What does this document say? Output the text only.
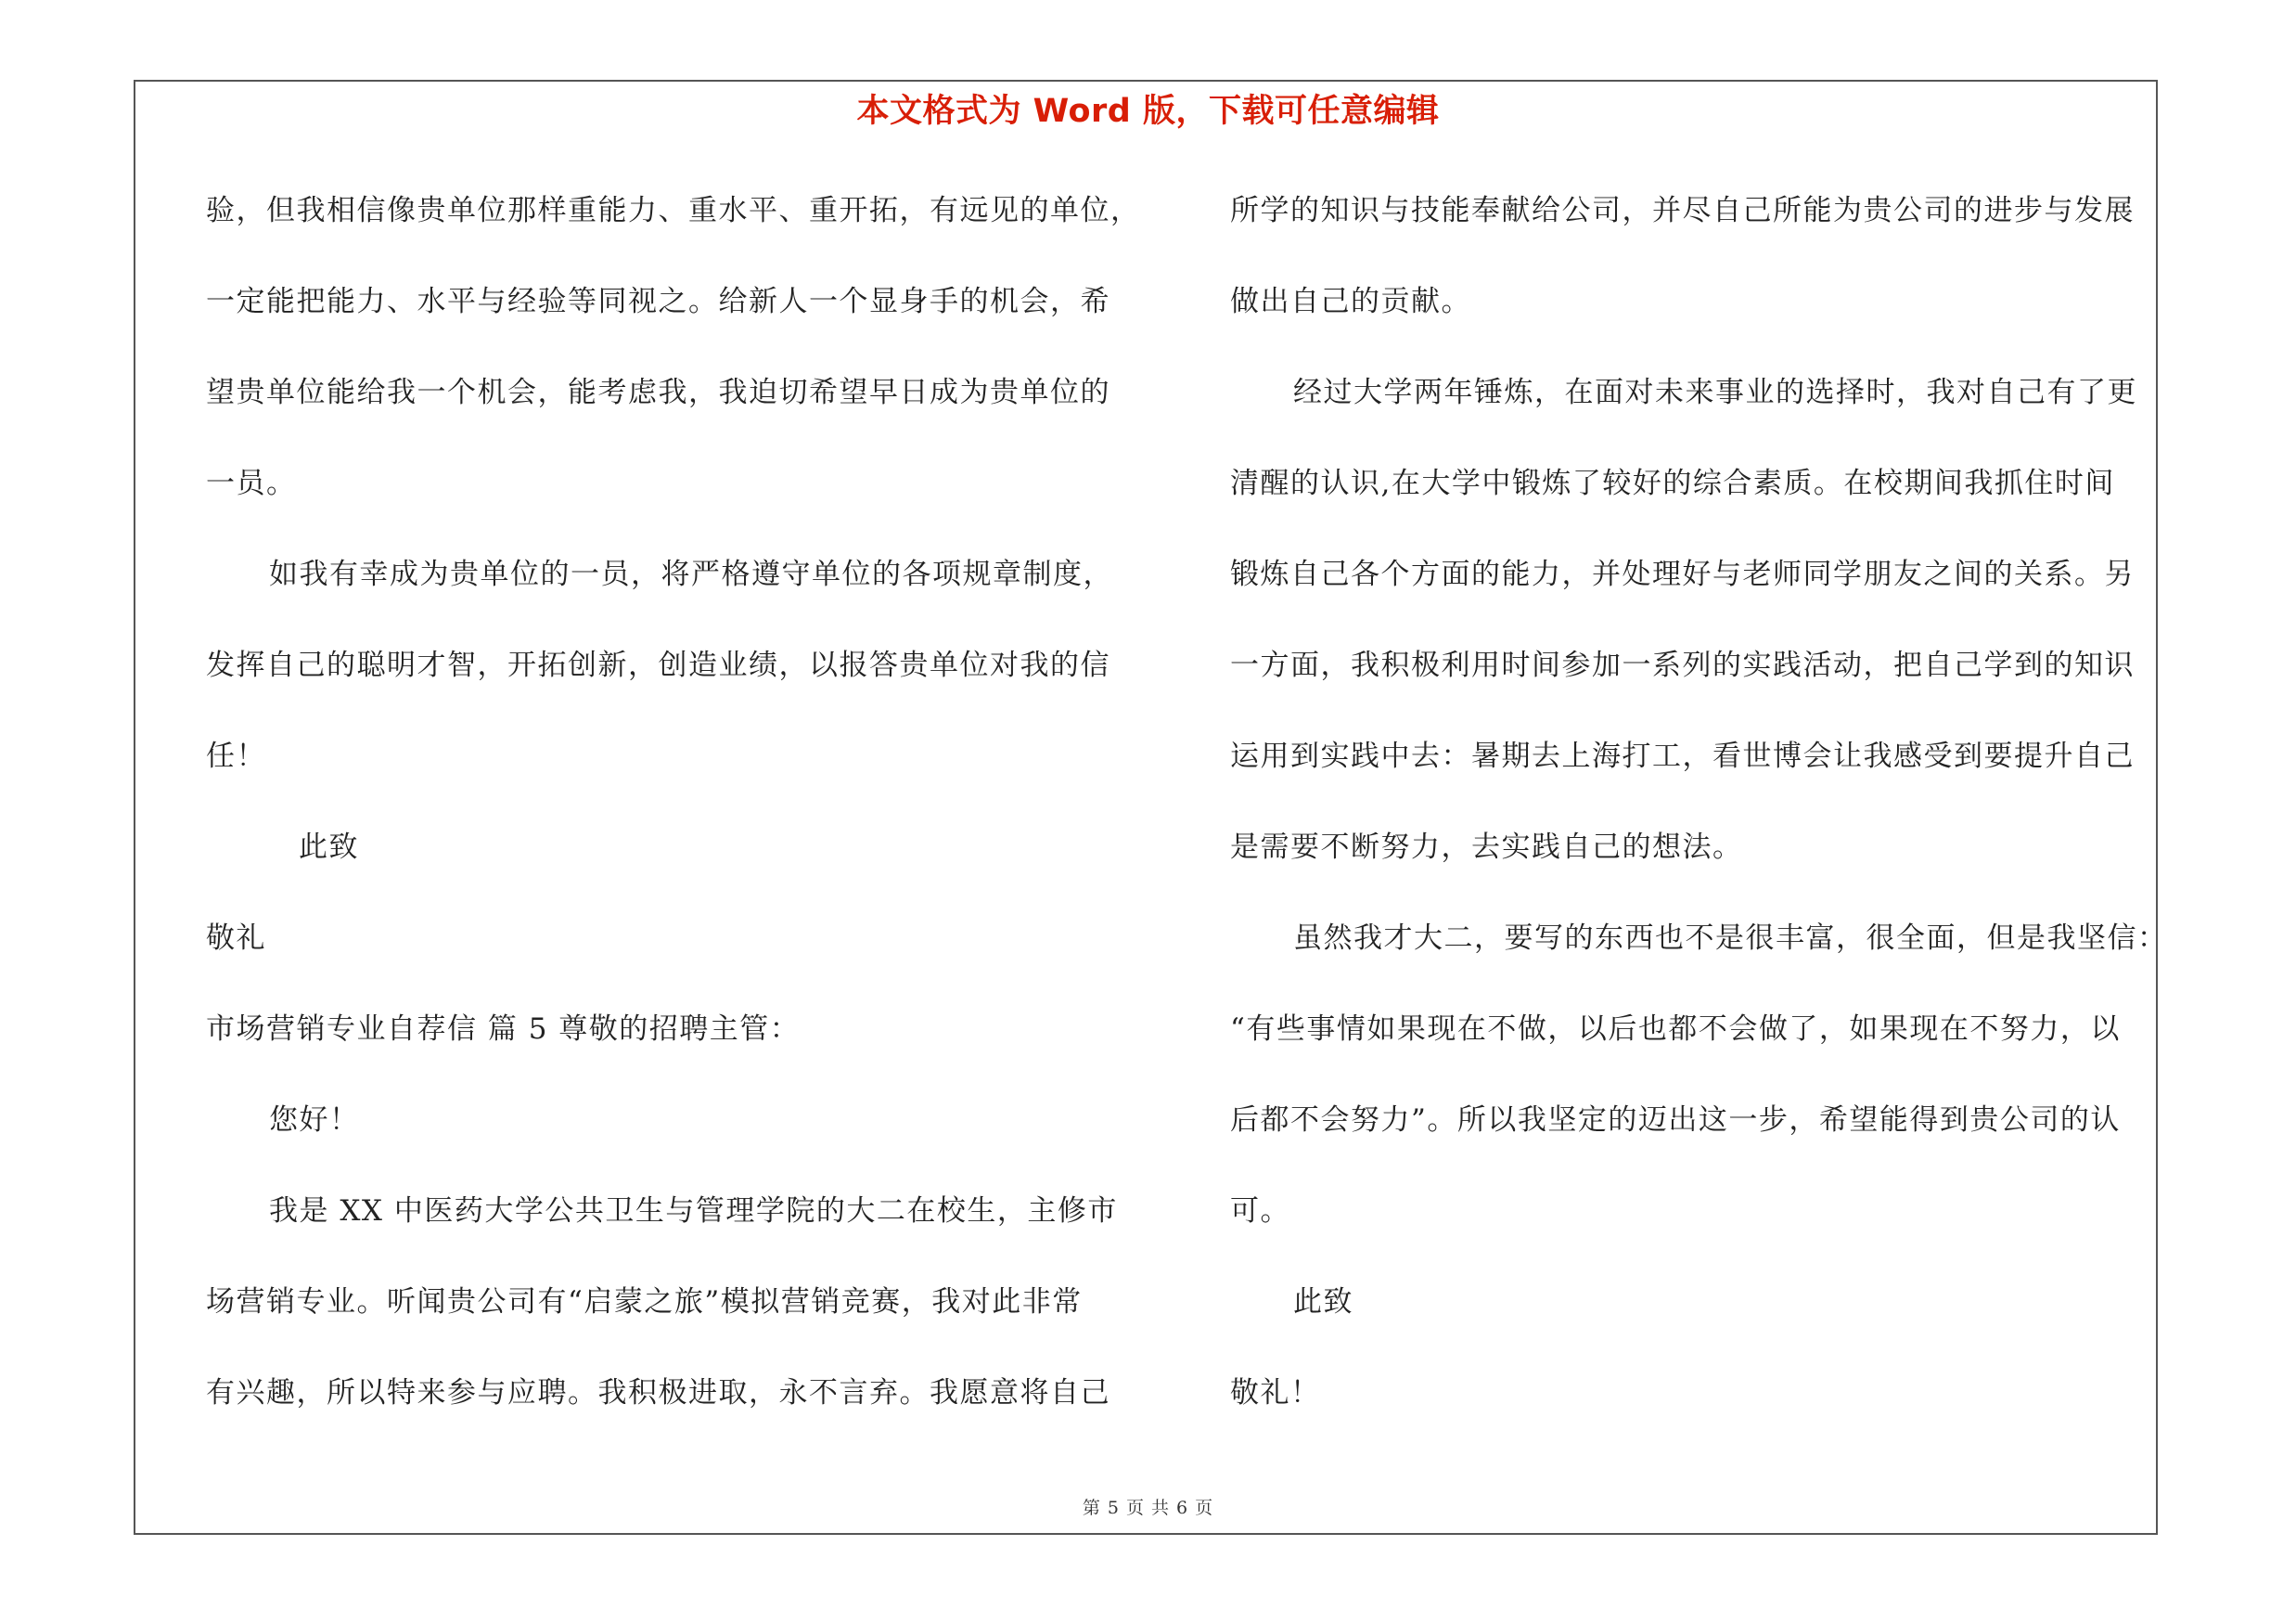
本文格式为 Word 版，下载可任意编辑
验，但我相信像贵单位那样重能力、重水平、重开拓，有远见的单位，
一定能把能力、水平与经验等同视之。给新人一个显身手的机会，希
望贵单位能给我一个机会，能考虑我，我迫切希望早日成为贵单位的
一员。
如我有幸成为贵单位的一员，将严格遵守单位的各项规章制度，
发挥自己的聪明才智，开拓创新，创造业绩，以报答贵单位对我的信
任！
此致
敬礼
市场营销专业自荐信 篇 5 尊敬的招聘主管：
您好！
我是 XX 中医药大学公共卫生与管理学院的大二在校生，主修市
场营销专业。听闻贵公司有“启蒙之旅”模拟营销竞赛，我对此非常
有兴趣，所以特来参与应聘。我积极进取，永不言弃。我愿意将自己
所学的知识与技能奉献给公司，并尽自己所能为贵公司的进步与发展
做出自己的贡献。
经过大学两年锤炼，在面对未来事业的选择时，我对自己有了更
清醒的认识,在大学中锻炼了较好的综合素质。在校期间我抓住时间
锻炼自己各个方面的能力，并处理好与老师同学朋友之间的关系。另
一方面，我积极利用时间参加一系列的实践活动，把自己学到的知识
运用到实践中去：暑期去上海打工，看世博会让我感受到要提升自己
是需要不断努力，去实践自己的想法。
虽然我才大二，要写的东西也不是很丰富，很全面，但是我坚信：
“有些事情如果现在不做，以后也都不会做了，如果现在不努力，以
后都不会努力”。所以我坚定的迈出这一步，希望能得到贵公司的认
可。
此致
敬礼！
第 5 页 共 6 页
